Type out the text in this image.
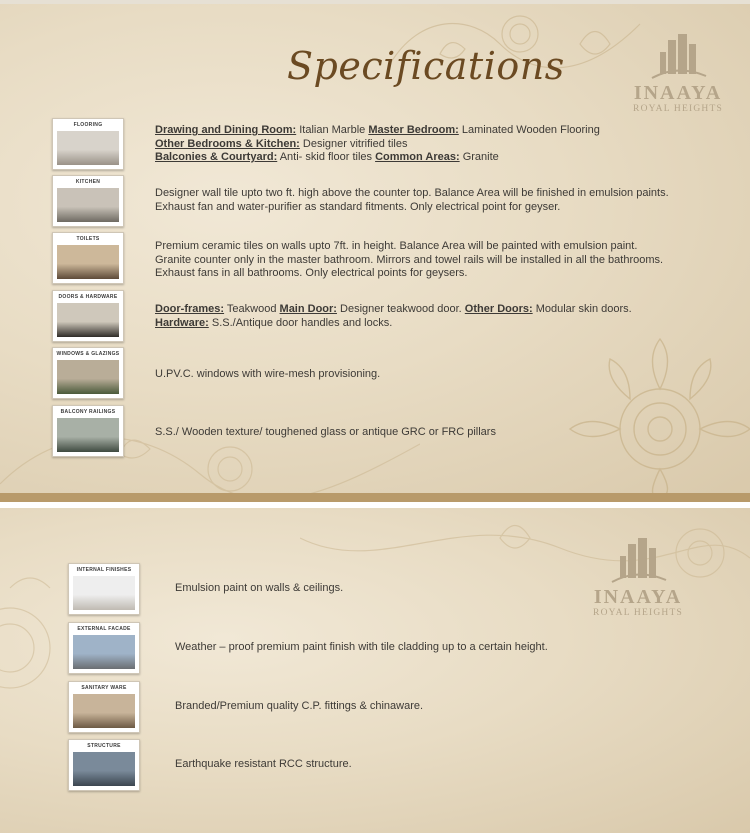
Specifications
INAAYA
ROYAL HEIGHTS
FLOORING	Drawing and Dining Room: Italian Marble Master Bedroom: Laminated Wooden Flooring
Other Bedrooms & Kitchen: Designer vitrified tiles
Balconies & Courtyard: Anti- skid floor tiles Common Areas: Granite
KITCHEN
Designer wall tile upto two ft. high above the counter top. Balance Area will be finished in emulsion paints.
Exhaust fan and water-purifier as standard fitments. Only electrical point for geyser.
TOILETS
Premium ceramic tiles on walls upto 7ft. in height. Balance Area will be painted with emulsion paint.
Granite counter only in the master bathroom. Mirrors and towel rails will be installed in all the bathrooms.
Exhaust fans in all bathrooms. Only electrical points for geysers.
DOORS & HARDWARE
Door-frames: Teakwood Main Door: Designer teakwood door. Other Doors: Modular skin doors.
Hardware: S.S./Antique door handles and locks.
WINDOWS & GLAZINGS
U.PV.C. windows with wire-mesh provisioning.
BALCONY RAILINGS
S.S./ Wooden texture/ toughened glass or antique GRC or FRC pillars
INAAYA
ROYAL HEIGHTS
INTERNAL FINISHES
Emulsion paint on walls & ceilings.
EXTERNAL FACADE
Weather – proof premium paint finish with tile cladding up to a certain height.
SANITARY WARE
Branded/Premium quality C.P. fittings & chinaware.
STRUCTURE
Earthquake resistant RCC structure.
